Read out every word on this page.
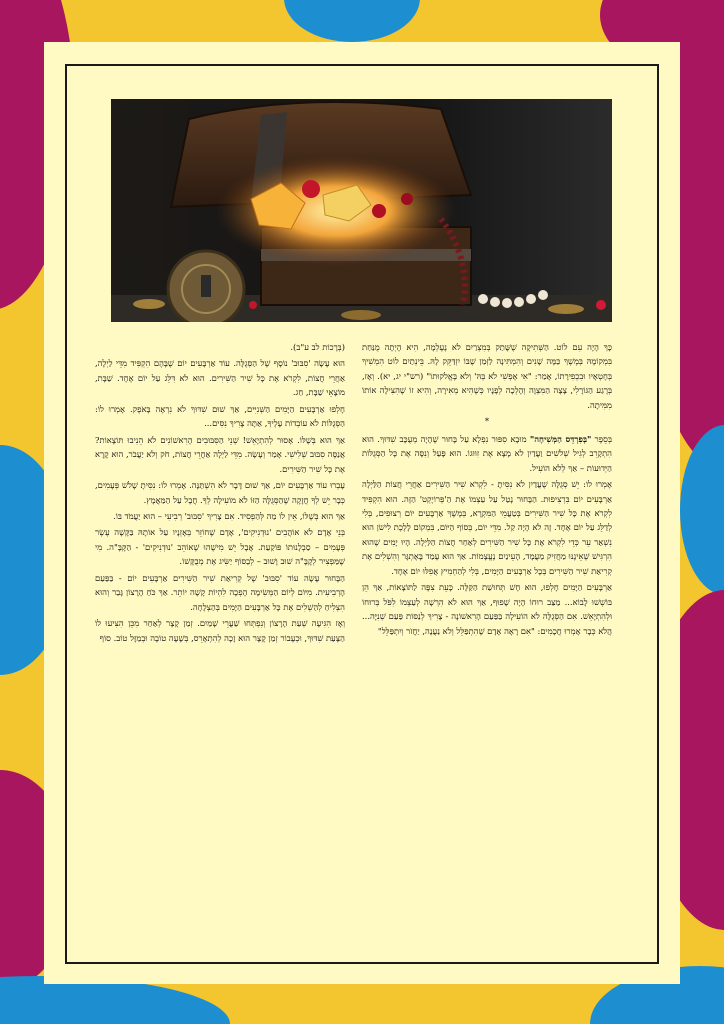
כָּךְ הָיָה עִם לוֹט. הַשְּׁתִיקָה שֶׁשָּׁתַק בְּמִצְרַיִם לֹא נֶעֶלְמָה, הִיא הָיְתָה מֻנַּחַת בִּמְקוֹמָהּ בְּמֶשֶׁךְ כַּמָּה שָׁנִים וְהִמְתִּינָה לַזְּמַן שֶׁבּוֹ יִזְדַּקֵּק לָהּ. בֵּינְתַיִם לוֹט הִמְשִׁיךְ בְּחֶטְאָיו וּבִכְפִירָתוֹ, אָמַר: "אִי אֶפְשִׁי לֹא בְּהּ' וְלֹא בֶּאֱלֹקוּתוֹ" (רש"י יג, יא). וְאָז, בְּרֶגַע הַגּוֹרָלִי, צָצָה הַמִּצְוָה וְהָלְכָה לְפָנָיו כְּשֶׁהִיא מְאִירָה, וְהִיא זוֹ שֶׁהִצִּילָה אוֹתוֹ מִמִּיתָה.

*

בְּסֵפֶר "בְּפִרְדֵּס הַמְּשִׁיחָה" מוּבָא סִפּוּר נִפְלָא עַל בָּחוּר שֶׁהָיָה מְעֻכָּב שִׁדּוּךְ. הוּא הִתְקָרֵב לְגִיל שְׁלֹשִׁים וַעֲדַיִן לֹא מָצָא אֶת זִוּוּגוֹ. הוּא פָּעַל וְנִסָּה אֶת כָּל הַסְּגֻלּוֹת הַיְּדוּעוֹת – אַךְ לְלֹא הוֹעִיל.

אָמְרוּ לוֹ: יֵשׁ סְגֻלָּה שֶׁעֲדַיִן לֹא נִסִּיתָ - לִקְרֹא שִׁיר הַשִּׁירִים אַחֲרֵי חֲצוֹת הַלַּיְלָה אַרְבָּעִים יוֹם בִּרְצִיפוּת. הַבָּחוּר נָטַל עַל עַצְמוֹ אֶת הַ'פְּרוֹיֶקְט' הַזֶּה. הוּא הִקְפִּיד לִקְרֹא אֶת כָּל שִׁיר הַשִּׁירִים בְּטַעֲמֵי הַמִּקְרָא, בְּמֶשֶׁךְ אַרְבָּעִים יוֹם רְצוּפִים, בְּלִי לְדַלֵּג עַל יוֹם אֶחָד. זֶה לֹא הָיָה קַל. מִדֵּי יוֹם, בְּסוֹף הַיּוֹם, בִּמְקוֹם לָלֶכֶת לִישֹׁן הוּא נִשְׁאַר עֵר כְּדֵי לִקְרֹא אֶת כָּל שִׁיר הַשִּׁירִים לְאַחַר חֲצוֹת הַלַּיְלָה. הָיוּ יָמִים שֶׁהוּא הִרְגִּישׁ שֶׁאֵינֶנּוּ מַחֲזִיק מַעֲמָד, הָעֵינַיִם נֶעֱצָמוֹת. אַךְ הוּא עָמַד בָּאֶתְגָּר וְהִשְׁלִים אֶת קְרִיאַת שִׁיר הַשִּׁירִים בְּכָל אַרְבָּעִים הַיָּמִים, בְּלִי לְהַחְמִיץ אֲפִלּוּ יוֹם אֶחָד.

אַרְבָּעִים הַיָּמִים חָלְפוּ, הוּא חָשׁ תְּחוּשַׁת הַקַּלָּה. כָּעֵת צִפָּה לַתּוֹצָאוֹת, אַךְ הֵן בּוֹשְׁשׁוּ לָבוֹא... מַצַּב רוּחוֹ הָיָה שָׁפוּף, אַךְ הוּא לֹא הִרְשָׁה לְעַצְמוֹ לִפֹּל בְּרוּחוֹ וּלְהִתְיָאֵשׁ. אִם הַסְּגֻלָּה לֹא הוֹעִילָה בַּפַּעַם הָרִאשׁוֹנָה - צָרִיךְ לְנַסּוֹת פַּעַם שְׁנִיָּה... הֲלֹא כְּבָר אָמְרוּ חֲכָמִים: "אִם רָאָה אָדָם שֶׁהִתְפַּלֵּל וְלֹא נַעֲנָה, יַחֲזֹר וְיִתְפַּלֵּל"

(בְּרָכוֹת לב ע"ב).

הוּא עָשָׂה 'סִבּוּב' נוֹסָף שֶׁל הַסְּגֻלָּה. עוֹד אַרְבָּעִים יוֹם שֶׁבָּהֶם הִקְפִּיד מִדֵּי לַיְלָה, אַחֲרֵי חֲצוֹת, לִקְרֹא אֶת כָּל שִׁיר הַשִּׁירִים. הוּא לֹא דִּלֵּג עַל יוֹם אֶחָד. שַׁבָּת, מוֹצָאֵי שַׁבָּת, חַג.

חָלְפוּ אַרְבָּעִים הַיָּמִים הַשְּׁנִיִּים, אַךְ שׁוּם שִׁדּוּךְ לֹא נִרְאָה בָּאֹפֶק. אָמְרוּ לוֹ: הַסְּגֻלּוֹת לֹא עוֹבְדוֹת עָלֶיךָ, אַתָּה צָרִיךְ נִסִּים...

אַךְ הוּא בְּשֶׁלּוֹ. אָסוּר לְהִתְיָאֵשׁ! שְׁנֵי הַסִּבּוּבִים הָרִאשׁוֹנִים לֹא הֵנִיבוּ תּוֹצָאוֹת? אֲנַסֶּה סִבּוּב שְׁלִישִׁי. אָמַר וְעָשָׂה. מִדֵּי לַיְלָה אַחֲרֵי חֲצוֹת, חֹק וְלֹא יַעֲבֹר, הוּא קָרָא אֶת כָּל שִׁיר הַשִּׁירִים.

עָבְרוּ עוֹד אַרְבָּעִים יוֹם, אַךְ שׁוּם דָּבָר לֹא הִשְׁתַּנָּה. אָמְרוּ לוֹ: נִסִּיתָ שָׁלֹשׁ פְּעָמִים, כְּבָר יֵשׁ לְךָ חֲזָקָה שֶׁהַסְּגֻלָּה הַזּוֹ לֹא מוֹעִילָה לְךָ. חֲבָל עַל הַמַּאֲמָץ.

אַךְ הוּא בְּשֶׁלּוֹ, אֵין לוֹ מַה לְּהַפְסִיד. אִם צָרִיךְ 'סִבּוּב' רְבִיעִי – הוּא יַעֲמֹד בּוֹ.

בְּנֵי אָדָם לֹא אוֹהֲבִים 'נוּדְנִיקִים', אָדָם שֶׁחוֹזֵר בְּאָזְנָיו עַל אוֹתָהּ בַּקָּשָׁה עֶשֶׂר פְּעָמִים – סַבְלָנוּתוֹ פּוֹקַעַת. אֲבָל יֵשׁ מִישֶׁהוּ שֶׁאוֹהֵב 'נוּדְנִיקִים' - הַקָּבָּ"ה. מִי שֶׁמַּפְצִיר לְקָבָּ"ה שׁוּב וָשׁוּב – לְבַסּוֹף יַשִּׂיג אֶת מְבֻקָּשׁוֹ.

הַבָּחוּר עָשָׂה עוֹד 'סִבּוּב' שֶׁל קְרִיאַת שִׁיר הַשִּׁירִים אַרְבָּעִים יוֹם - בַּפַּעַם הָרְבִיעִית. מִיּוֹם לְיוֹם הַמְּשִׂימָה הָפְכָה לִהְיוֹת קָשָׁה יוֹתֵר. אַךְ כֹּחַ הָרָצוֹן גָּבַר וְהוּא הִצְלִיחַ לְהַשְׁלִים אֶת כָּל אַרְבָּעִים הַיָּמִים בְּהַצְלָחָה.

וְאָז הִגִּיעָה שְׁעַת הָרָצוֹן וְנִפְתְּחוּ שַׁעֲרֵי שָׁמַיִם. זְמַן קָצָר לְאַחַר מִכֵּן הִצִּיעוּ לוֹ הַצָּעַת שִׁדּוּךְ, וּכְעָבוֹר זְמַן קָצָר הוּא זָכָה לְהִתְאָרֵס, בְּשָׁעָה טוֹבָה וּבְמַזָּל טוֹב. סוֹף
